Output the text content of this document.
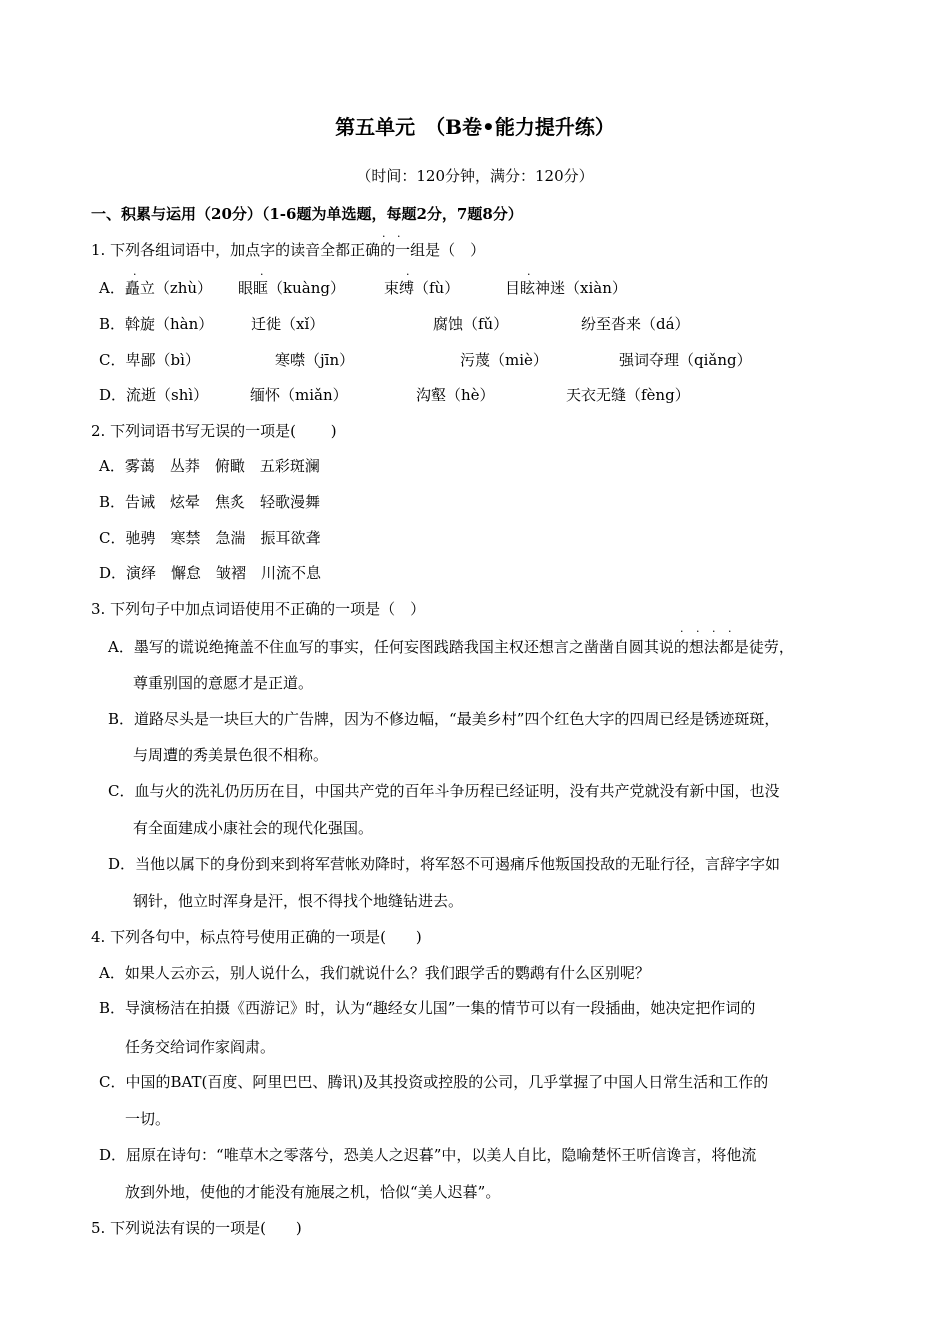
第五单元　（B卷•能力提升练）
（时间：120分钟，满分：120分）
一、积累与运用（20分）（1-6题为单选题，每题2分，7题8分）
· ·
1. 下列各组词语中，加点字的读音全都正确的一组是（　）
·	·	·	·
A．矗立（zhù） 眼眶（kuàng）	束缚（fù）	目眩神迷（xiàn）
B．斡旋（hàn）	迁徙（xǐ）	腐蚀（fǔ）	纷至沓来（dá）
C．卑鄙（bì）	寒噤（jīn）	污蔑（miè）	强词夺理（qiǎng）
D．流逝（shì）	缅怀（miǎn）	沟壑（hè）	天衣无缝（fèng）
2. 下列词语书写无误的一项是(　　 )
A．雾蔼　丛莽　俯瞰　五彩斑澜
B．告诫　炫晕　焦炙　轻歌漫舞
C．驰骋　寒禁　急湍　振耳欲聋
D．演绎　懈怠　皱褶　川流不息
3. 下列句子中加点词语使用不正确的一项是（　）
· · · ·
A．墨写的谎说绝掩盖不住血写的事实，任何妄图践踏我国主权还想言之凿凿自圆其说的想法都是徒劳，
尊重别国的意愿才是正道。
B．道路尽头是一块巨大的广告牌，因为不修边幅，“最美乡村”四个红色大字的四周已经是锈迹斑斑，
与周遭的秀美景色很不相称。
C．血与火的洗礼仍历历在目，中国共产党的百年斗争历程已经证明，没有共产党就没有新中国，也没
有全面建成小康社会的现代化强国。
D．当他以属下的身份到来到将军营帐劝降时，将军怒不可遏痛斥他叛国投敌的无耻行径，言辞字字如
钢针，他立时浑身是汗，恨不得找个地缝钻进去。
4. 下列各句中，标点符号使用正确的一项是(　　)
A．如果人云亦云，别人说什么，我们就说什么？我们跟学舌的鹦鹉有什么区别呢？
B．导演杨洁在拍摄《西游记》时，认为“趣经女儿国”一集的情节可以有一段插曲，她决定把作词的
任务交给词作家阎肃。
C．中国的BAT(百度、阿里巴巴、腾讯)及其投资或控股的公司，几乎掌握了中国人日常生活和工作的
一切。
D．屈原在诗句：“唯草木之零落兮，恐美人之迟暮”中，以美人自比，隐喻楚怀王听信谗言，将他流
放到外地，使他的才能没有施展之机，恰似“美人迟暮”。
5. 下列说法有误的一项是(　　)
